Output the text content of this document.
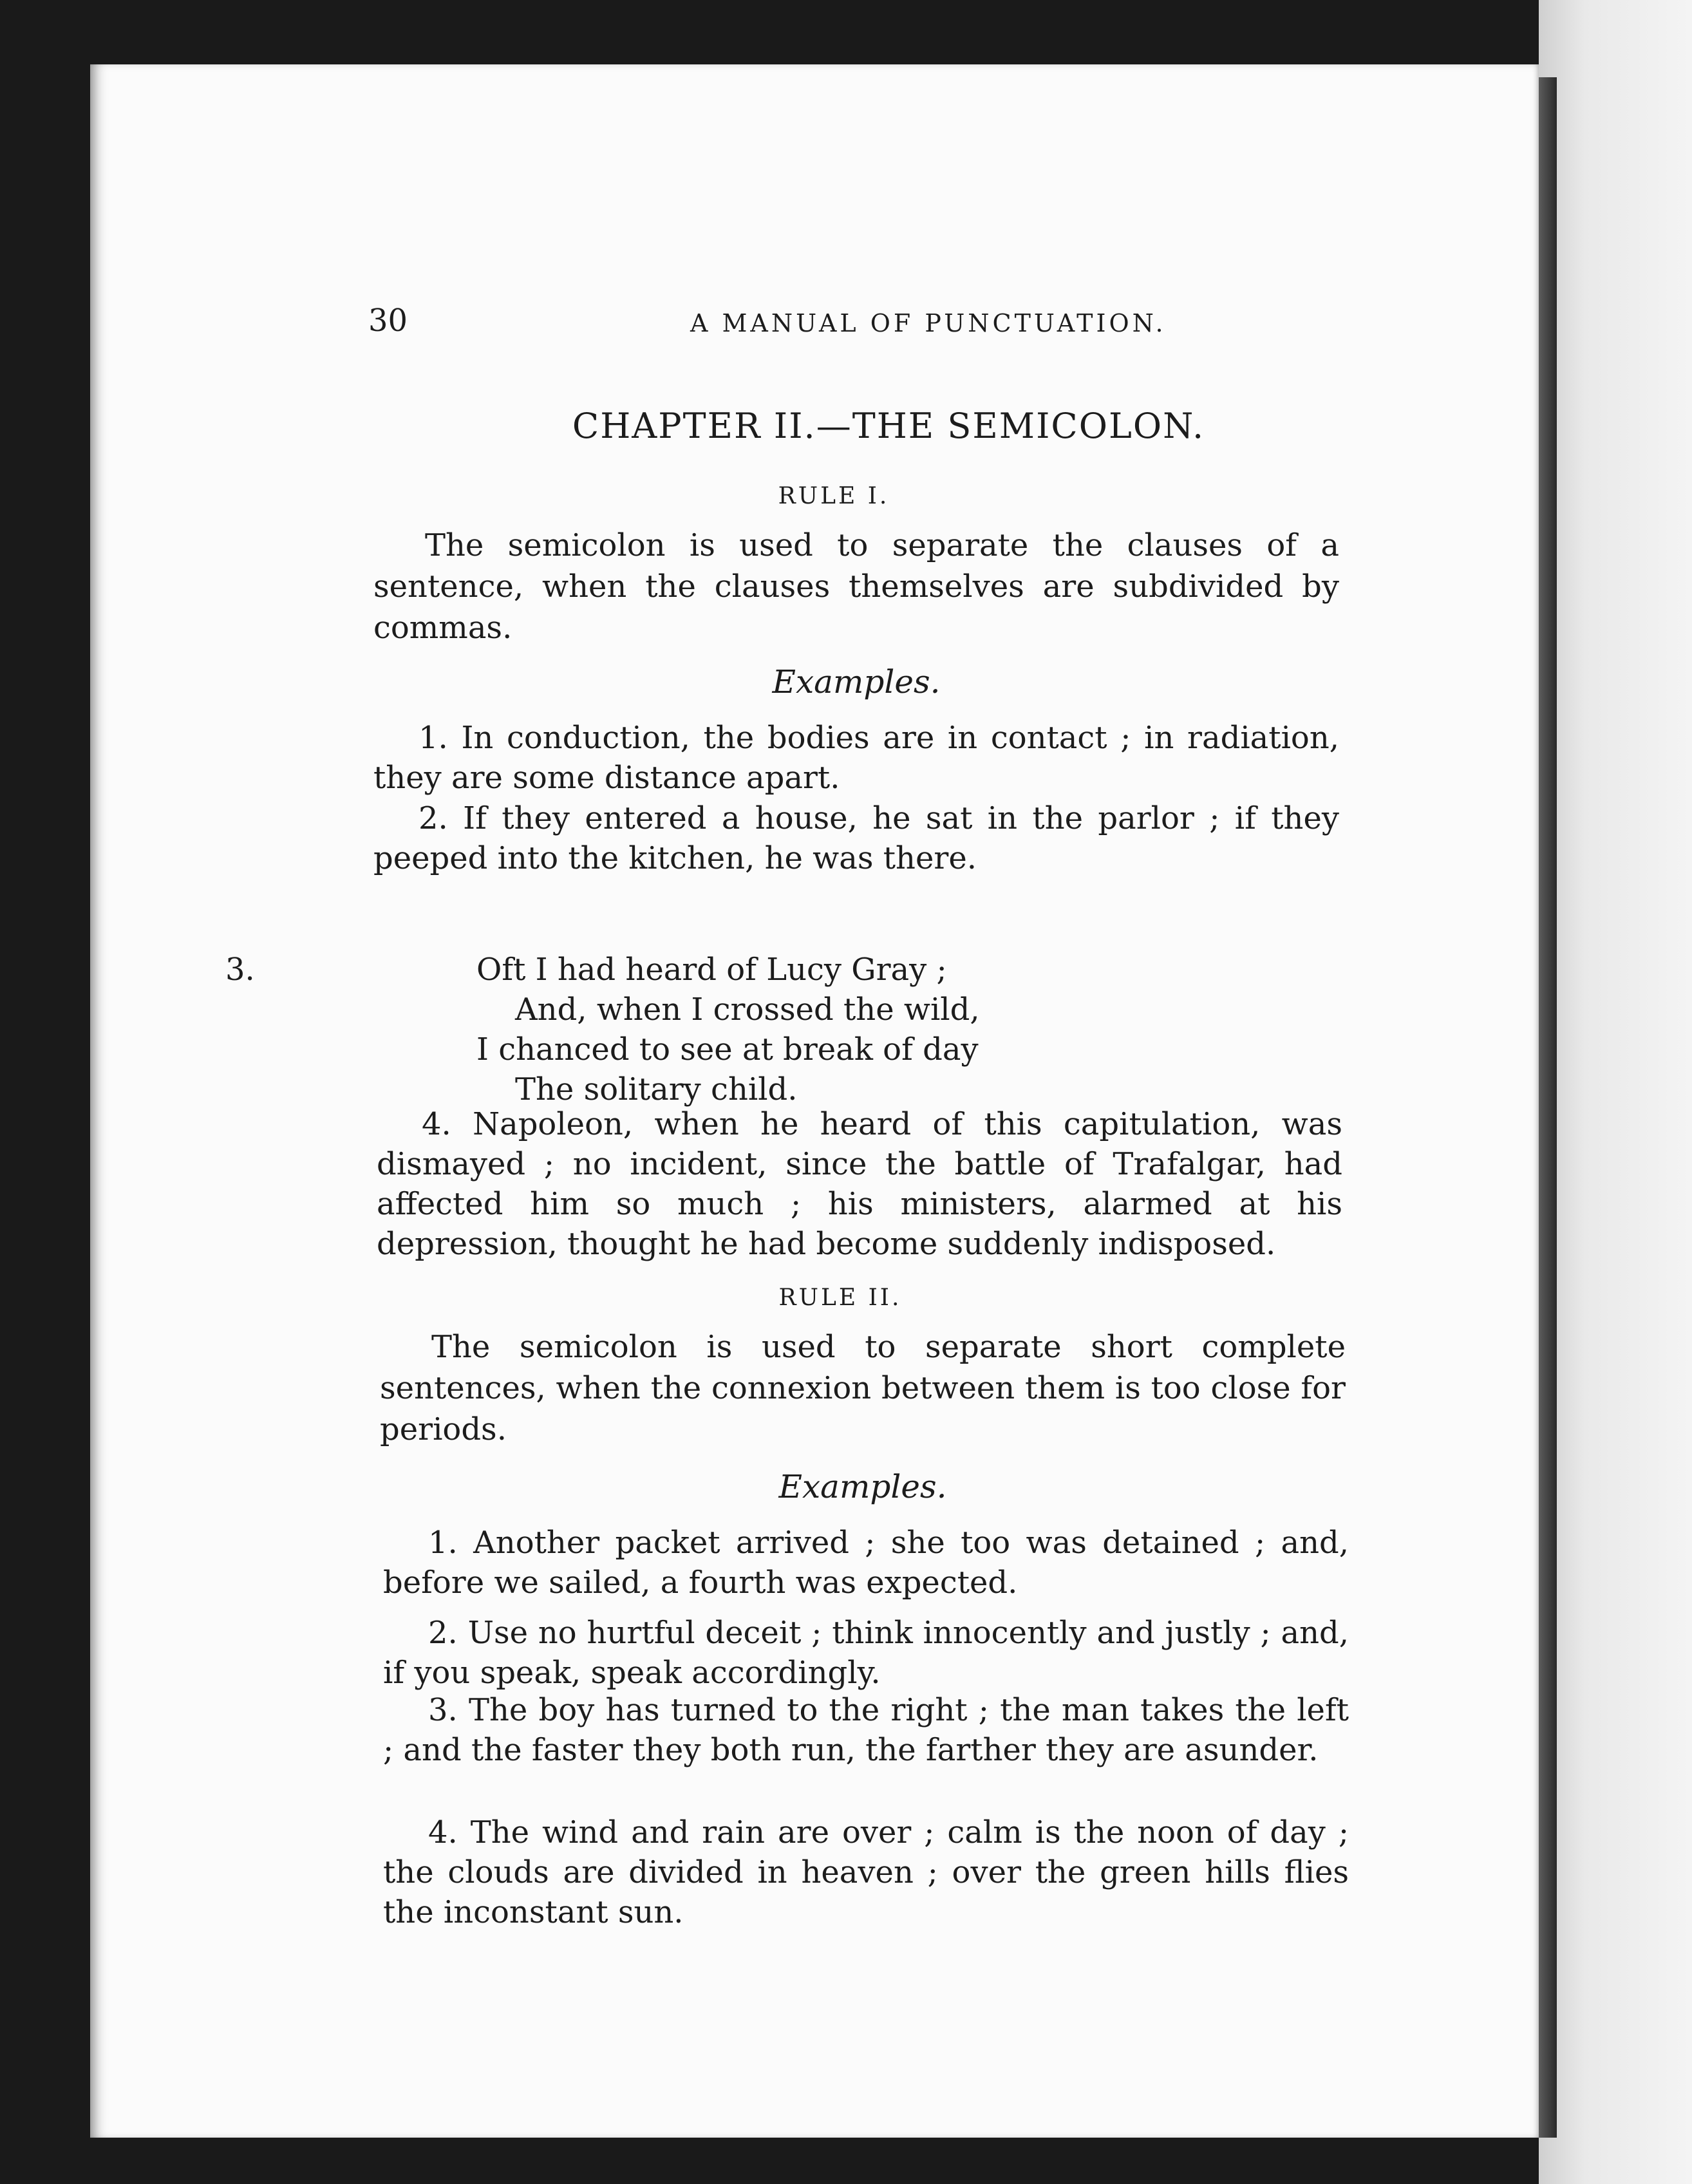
30	A MANUAL OF PUNCTUATION.
CHAPTER II.—THE SEMICOLON.
RULE I.
The semicolon is used to separate the clauses of a sentence, when the clauses themselves are subdivided by commas.
Examples.
1. In conduction, the bodies are in contact ; in radiation, they are some distance apart.
2. If they entered a house, he sat in the parlor ; if they peeped into the kitchen, he was there.
3.	Oft I had heard of Lucy Gray ;
And, when I crossed the wild,
I chanced to see at break of day
The solitary child.
4. Napoleon, when he heard of this capitulation, was dismayed ; no incident, since the battle of Trafalgar, had affected him so much ; his ministers, alarmed at his depression, thought he had become suddenly indisposed.
RULE II.
The semicolon is used to separate short complete sentences, when the connexion between them is too close for periods.
Examples.
1. Another packet arrived ; she too was detained ; and, before we sailed, a fourth was expected.
2. Use no hurtful deceit ; think innocently and justly ; and, if you speak, speak accordingly.
3. The boy has turned to the right ; the man takes the left ; and the faster they both run, the farther they are asunder.
4. The wind and rain are over ; calm is the noon of day ; the clouds are divided in heaven ; over the green hills flies the inconstant sun.
